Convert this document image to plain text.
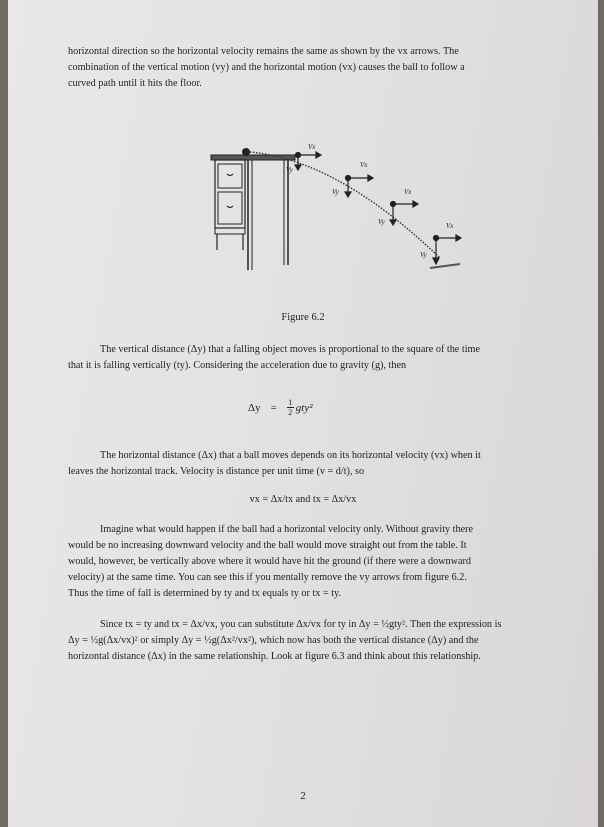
horizontal direction so the horizontal velocity remains the same as shown by the vx arrows. The
combination of the vertical motion (vy) and the horizontal motion (vx) causes the ball to follow a
curved path until it hits the floor.
Vx
Vy
Vx
Vy	Vx
Vy	Vx
Vy
Figure 6.2
The vertical distance (Δy) that a falling object moves is proportional to the square of the time
that it is falling vertically (ty). Considering the acceleration due to gravity (g), then
$\Delta y = \frac{1}{2} gty^2$
The horizontal distance (Δx) that a ball moves depends on its horizontal velocity (vx) when it
leaves the horizontal track. Velocity is distance per unit time (v = d/t), so
vx = Δx/tx and tx = Δx/vx
Imagine what would happen if the ball had a horizontal velocity only. Without gravity there
would be no increasing downward velocity and the ball would move straight out from the table. It
would, however, be vertically above where it would have hit the ground (if there were a downward
velocity) at the same time. You can see this if you mentally remove the vy arrows from figure 6.2.
Thus the time of fall is determined by ty and tx equals ty or tx = ty.
Since tx = ty and tx = Δx/vx, you can substitute Δx/vx for ty in Δy = ½gty². Then the expression is
Δy = ½g(Δx/vx)² or simply Δy = ½g(Δx²/vx²), which now has both the vertical distance (Δy) and the
horizontal distance (Δx) in the same relationship. Look at figure 6.3 and think about this relationship.
2
